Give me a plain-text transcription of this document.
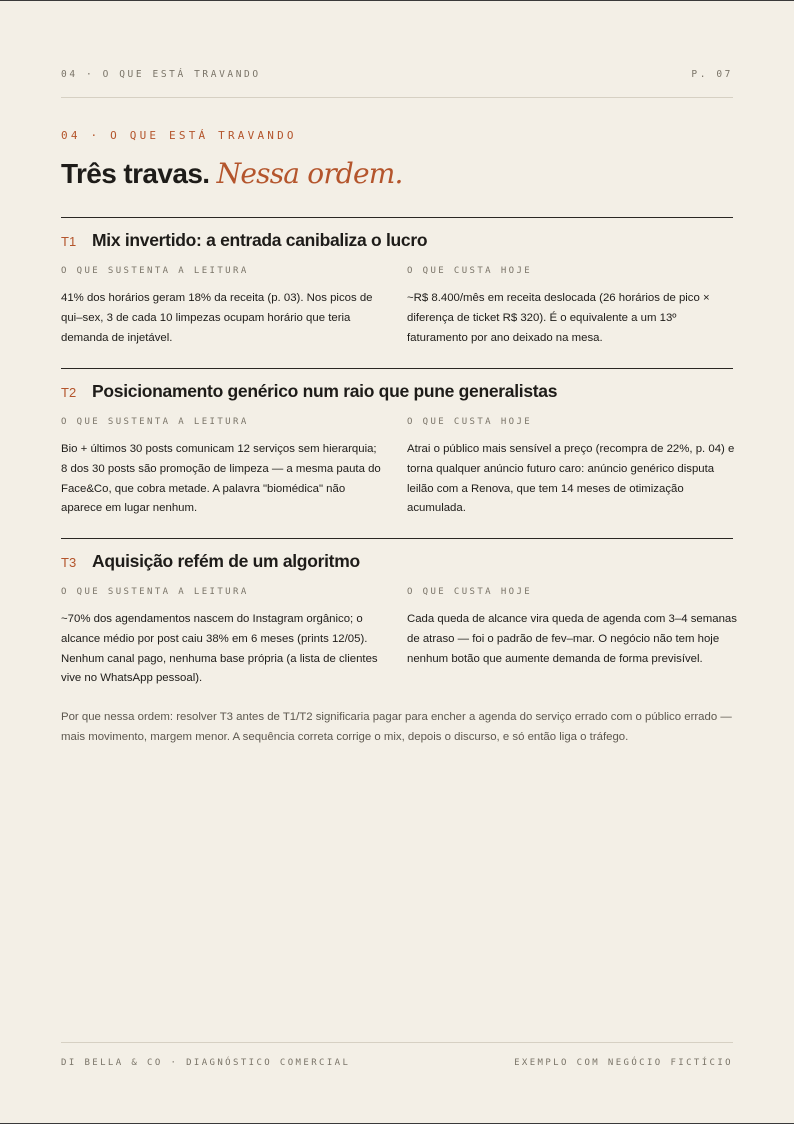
04 · O QUE ESTÁ TRAVANDO	P. 07
04 · O QUE ESTÁ TRAVANDO
Três travas. Nessa ordem.
T1 Mix invertido: a entrada canibaliza o lucro
O QUE SUSTENTA A LEITURA
41% dos horários geram 18% da receita (p. 03). Nos picos de qui–sex, 3 de cada 10 limpezas ocupam horário que teria demanda de injetável.
O QUE CUSTA HOJE
~R$ 8.400/mês em receita deslocada (26 horários de pico × diferença de ticket R$ 320). É o equivalente a um 13º faturamento por ano deixado na mesa.
T2 Posicionamento genérico num raio que pune generalistas
O QUE SUSTENTA A LEITURA
Bio + últimos 30 posts comunicam 12 serviços sem hierarquia; 8 dos 30 posts são promoção de limpeza — a mesma pauta do Face&Co, que cobra metade. A palavra "biomédica" não aparece em lugar nenhum.
O QUE CUSTA HOJE
Atrai o público mais sensível a preço (recompra de 22%, p. 04) e torna qualquer anúncio futuro caro: anúncio genérico disputa leilão com a Renova, que tem 14 meses de otimização acumulada.
T3 Aquisição refém de um algoritmo
O QUE SUSTENTA A LEITURA
~70% dos agendamentos nascem do Instagram orgânico; o alcance médio por post caiu 38% em 6 meses (prints 12/05). Nenhum canal pago, nenhuma base própria (a lista de clientes vive no WhatsApp pessoal).
O QUE CUSTA HOJE
Cada queda de alcance vira queda de agenda com 3–4 semanas de atraso — foi o padrão de fev–mar. O negócio não tem hoje nenhum botão que aumente demanda de forma previsível.

Por que nessa ordem: resolver T3 antes de T1/T2 significaria pagar para encher a agenda do serviço errado com o público errado — mais movimento, margem menor. A sequência correta corrige o mix, depois o discurso, e só então liga o tráfego.

DI BELLA & CO · DIAGNÓSTICO COMERCIAL	EXEMPLO COM NEGÓCIO FICTÍCIO
